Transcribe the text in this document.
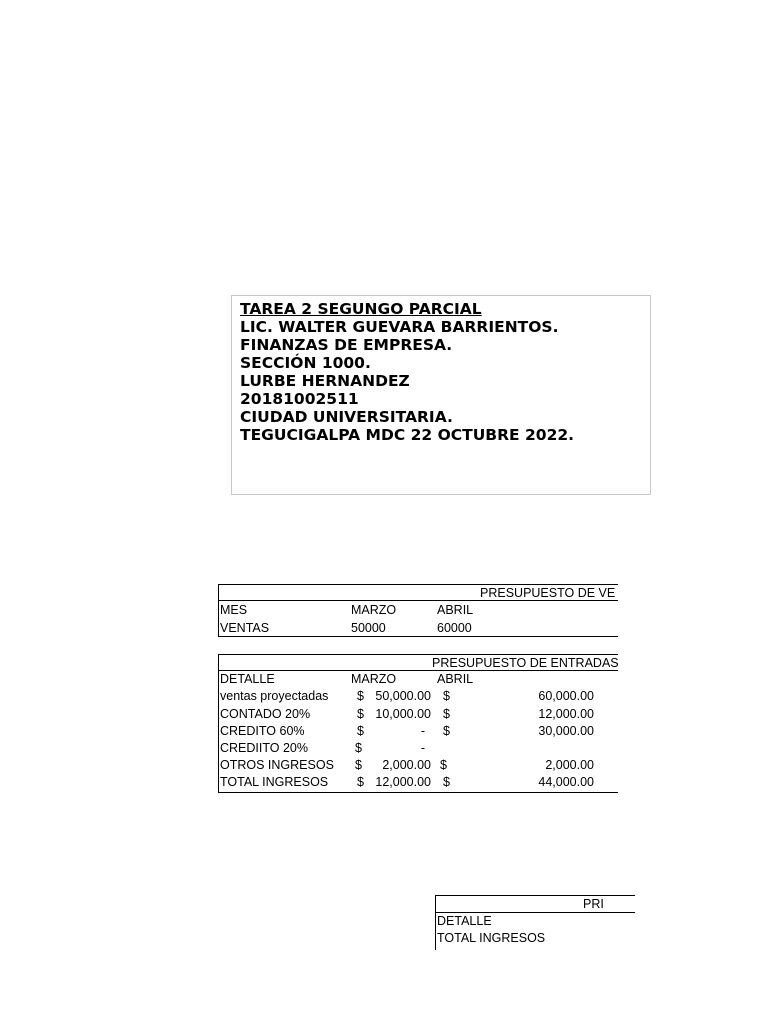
TAREA 2 SEGUNGO PARCIAL
LIC. WALTER GUEVARA BARRIENTOS.
FINANZAS DE EMPRESA.
SECCIÓN 1000.
LURBE HERNANDEZ
20181002511
CIUDAD UNIVERSITARIA.
TEGUCIGALPA MDC 22 OCTUBRE 2022.
PRESUPUESTO DE VE
MES	MARZO	ABRIL
VENTAS	50000	60000
PRESUPUESTO DE ENTRADAS
DETALLE	MARZO	ABRIL
ventas proyectadas $ 50,000.00 $	60,000.00
CONTADO 20%	$ 10,000.00 $	12,000.00
CREDITO 60%	$	- $	30,000.00
CREDIITO 20%	$	-
OTROS INGRESOS $	2,000.00 $	2,000.00
TOTAL INGRESOS $ 12,000.00 $	44,000.00
PRI
DETALLE
TOTAL INGRESOS
